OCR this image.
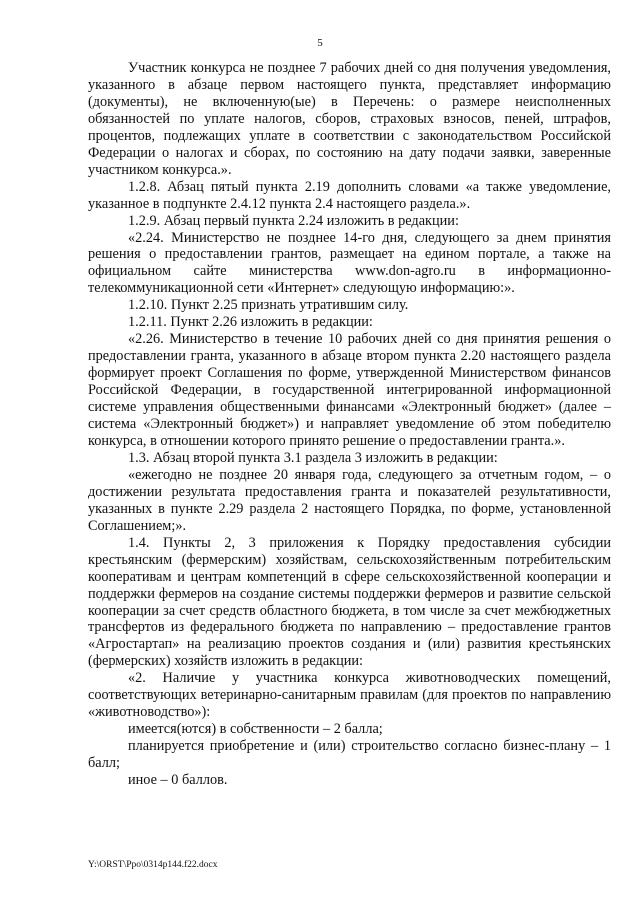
5

Участник конкурса не позднее 7 рабочих дней со дня получения уведомления, указанного в абзаце первом настоящего пункта, представляет информацию (документы), не включенную(ые) в Перечень: о размере неисполненных обязанностей по уплате налогов, сборов, страховых взносов, пеней, штрафов, процентов, подлежащих уплате в соответствии с законодательством Российской Федерации о налогах и сборах, по состоянию на дату подачи заявки, заверенные участником конкурса.».

1.2.8. Абзац пятый пункта 2.19 дополнить словами «а также уведомление, указанное в подпункте 2.4.12 пункта 2.4 настоящего раздела.».

1.2.9. Абзац первый пункта 2.24 изложить в редакции:

«2.24. Министерство не позднее 14-го дня, следующего за днем принятия решения о предоставлении грантов, размещает на едином портале, а также на официальном сайте министерства www.don-agro.ru в информационно-телекоммуникационной сети «Интернет» следующую информацию:».

1.2.10. Пункт 2.25 признать утратившим силу.

1.2.11. Пункт 2.26 изложить в редакции:

«2.26. Министерство в течение 10 рабочих дней со дня принятия решения о предоставлении гранта, указанного в абзаце втором пункта 2.20 настоящего раздела формирует проект Соглашения по форме, утвержденной Министерством финансов Российской Федерации, в государственной интегрированной информационной системе управления общественными финансами «Электронный бюджет» (далее – система «Электронный бюджет») и направляет уведомление об этом победителю конкурса, в отношении которого принято решение о предоставлении гранта.».

1.3. Абзац второй пункта 3.1 раздела 3 изложить в редакции:

«ежегодно не позднее 20 января года, следующего за отчетным годом, – о достижении результата предоставления гранта и показателей результативности, указанных в пункте 2.29 раздела 2 настоящего Порядка, по форме, установленной Соглашением;».

1.4. Пункты 2, 3 приложения к Порядку предоставления субсидии крестьянским (фермерским) хозяйствам, сельскохозяйственным потребительским кооперативам и центрам компетенций в сфере сельскохозяйственной кооперации и поддержки фермеров на создание системы поддержки фермеров и развитие сельской кооперации за счет средств областного бюджета, в том числе за счет межбюджетных трансфертов из федерального бюджета по направлению – предоставление грантов «Агростартап» на реализацию проектов создания и (или) развития крестьянских (фермерских) хозяйств изложить в редакции:

«2. Наличие у участника конкурса животноводческих помещений, соответствующих ветеринарно-санитарным правилам (для проектов по направлению «животноводство»):

имеется(ются) в собственности – 2 балла;

планируется приобретение и (или) строительство согласно бизнес-плану – 1 балл;

иное – 0 баллов.

Y:\ORST\Ppo\0314p144.f22.docx
